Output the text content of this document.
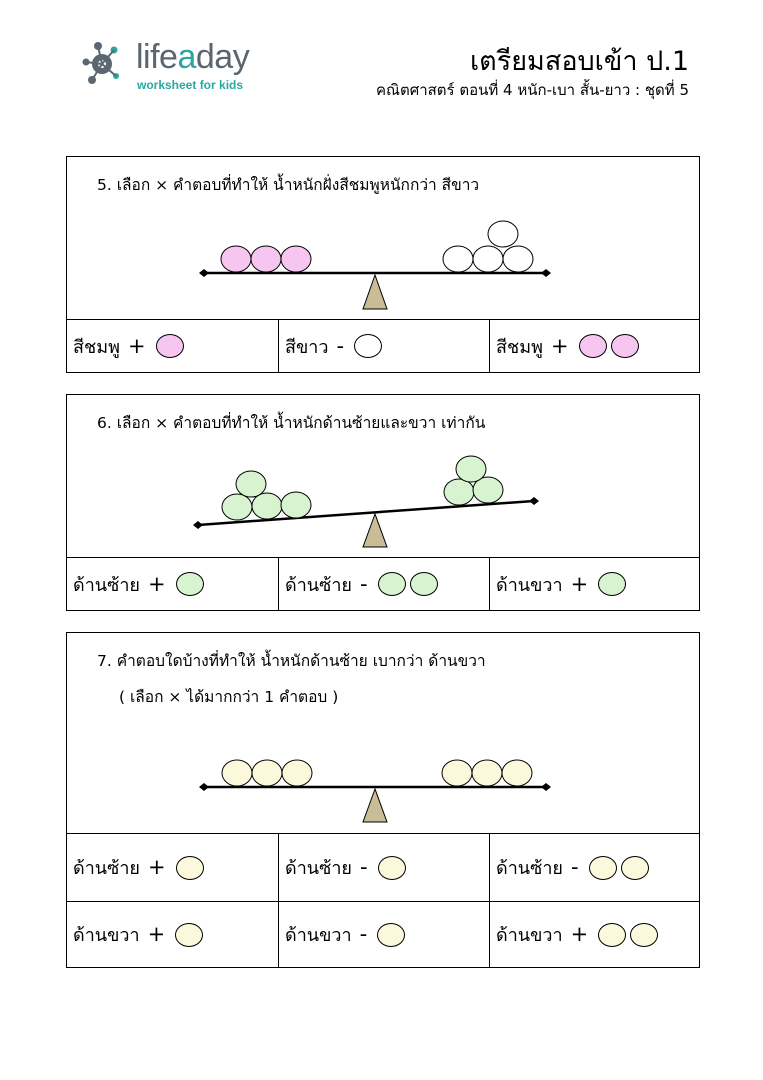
lifeaday
worksheet for kids
เตรียมสอบเข้า ป.1
คณิตศาสตร์ ตอนที่ 4 หนัก-เบา สั้น-ยาว : ชุดที่ 5
5. เลือก × คำตอบที่ทำให้ น้ำหนักฝั่งสีชมพูหนักกว่า สีขาว
สีชมพู +	สีขาว -	สีชมพู +
6. เลือก × คำตอบที่ทำให้ น้ำหนักด้านซ้ายและขวา เท่ากัน
ด้านซ้าย +	ด้านซ้าย -	ด้านขวา +
7. คำตอบใดบ้างที่ทำให้ น้ำหนักด้านซ้าย เบากว่า ด้านขวา
( เลือก × ได้มากกว่า 1 คำตอบ )
ด้านซ้าย +	ด้านซ้าย -	ด้านซ้าย -
ด้านขวา +	ด้านขวา -	ด้านขวา +
